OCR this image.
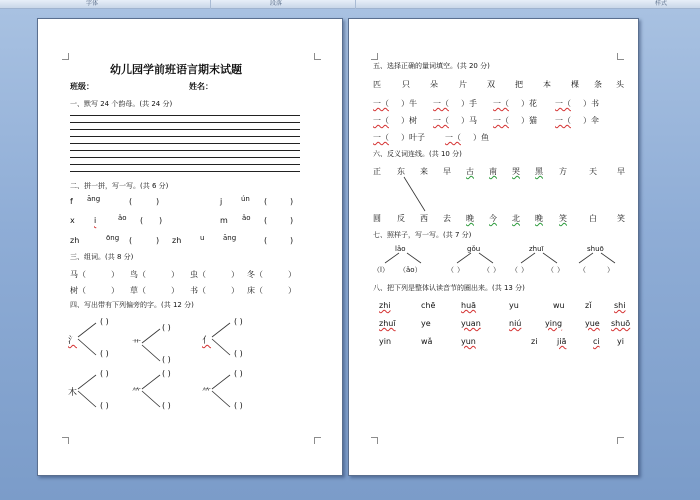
字体	段落	样式
幼儿园学前班语言期末试题
班级：	姓名：
一、默写 24 个韵母。(共 24 分)
二、拼一拼，写一写。(共 6 分)
f āng	(	)	j	ún (	)
x i	ǎo ( )	m ǎo (	)
zh	ōng (	) zh	u	āng	(	)
三、组词。(共 8 分)
马（	） 鸟（	） 虫（	） 冬（	）
树（	） 草（	） 书（	） 床（	）
四、写出带有下列偏旁的字。(共 12 分)
氵
( )
( )
艹
( )
( )
亻
( )
( )
木
( )
( )
⺮
( )
( )
⺮
( )
( )
五、选择正确的量词填空。(共 20 分)
匹	只	朵	片	双	把	本	棵 条 头
一（ ）牛 一（ ）手 一（ ）花 一（ ）书
一（ ）树 一（ ）马 一（ ）猫 一（ ）伞
一（ ）叶子	一（ ）鱼
六、反义词连线。(共 10 分)
正 东 来 早 古 南 哭 黑 方	天	早
圆 反 西 去 晚 今 北 晚 笑	白	笑
七、照样子，写一写。(共 7 分)
lǎo	gǒu	zhuī	shuō
（l） （ǎo）	（ ）	（ ） （ ）	（ ） （	）
八、把下列是整体认读音节的圈出来。(共 13 分)
zhi	chē	huā	yu	wu	zǐ	shi
zhuī	ye	yuan	niú	ying	yue shuō
yin	wǎ	yun	zi jiā	ci yi
